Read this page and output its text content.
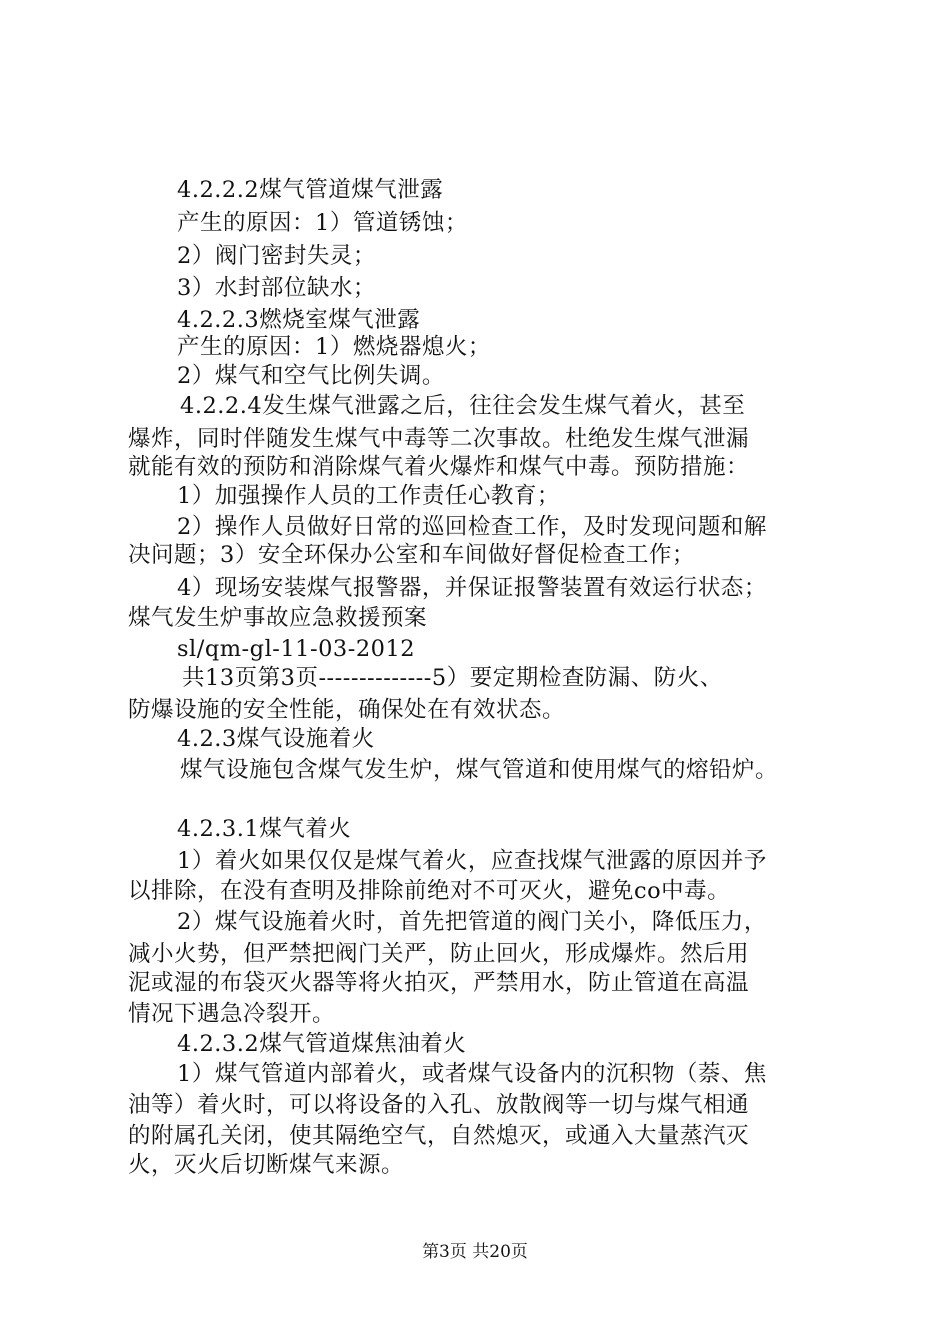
4.2.2.2煤气管道煤气泄露
产生的原因：1）管道锈蚀；
2）阀门密封失灵；
3）水封部位缺水；
4.2.2.3燃烧室煤气泄露
产生的原因：1）燃烧器熄火；
2）煤气和空气比例失调。
4.2.2.4发生煤气泄露之后，往往会发生煤气着火，甚至
爆炸，同时伴随发生煤气中毒等二次事故。杜绝发生煤气泄漏
就能有效的预防和消除煤气着火爆炸和煤气中毒。预防措施：
1）加强操作人员的工作责任心教育；
2）操作人员做好日常的巡回检查工作，及时发现问题和解
决问题；3）安全环保办公室和车间做好督促检查工作；
4）现场安装煤气报警器，并保证报警装置有效运行状态；
煤气发生炉事故应急救援预案
sl/qm-gl-11-03-2012
共13页第3页--------------5）要定期检查防漏、防火、
防爆设施的安全性能，确保处在有效状态。
4.2.3煤气设施着火
煤气设施包含煤气发生炉，煤气管道和使用煤气的熔铅炉。
4.2.3.1煤气着火
1）着火如果仅仅是煤气着火，应查找煤气泄露的原因并予
以排除，在没有查明及排除前绝对不可灭火，避免co中毒。
2）煤气设施着火时，首先把管道的阀门关小，降低压力，
减小火势，但严禁把阀门关严，防止回火，形成爆炸。然后用
泥或湿的布袋灭火器等将火拍灭，严禁用水，防止管道在高温
情况下遇急冷裂开。
4.2.3.2煤气管道煤焦油着火
1）煤气管道内部着火，或者煤气设备内的沉积物（萘、焦
油等）着火时，可以将设备的入孔、放散阀等一切与煤气相通
的附属孔关闭，使其隔绝空气，自然熄灭，或通入大量蒸汽灭
火，灭火后切断煤气来源。
第3页 共20页
